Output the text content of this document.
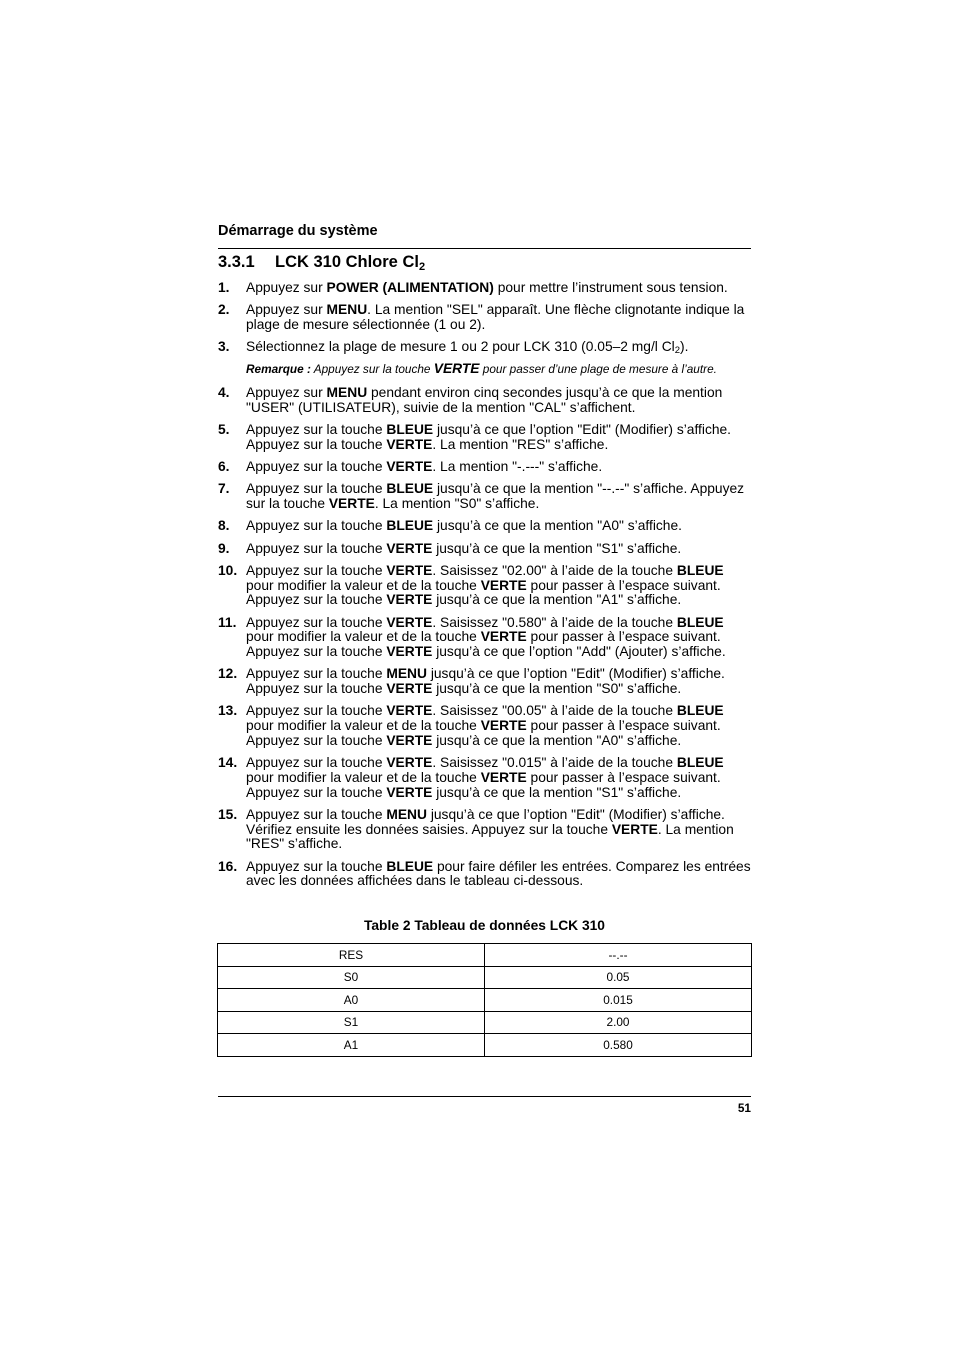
Démarrage du système
3.3.1 LCK 310 Chlore $Cl_2$
1.	Appuyez sur POWER (ALIMENTATION) pour mettre l’instrument sous tension.
2.	Appuyez sur MENU. La mention "SEL" apparaît. Une flèche clignotante indique la plage de mesure sélectionnée (1 ou 2).
3.	Sélectionnez la plage de mesure 1 ou 2 pour LCK 310 (0.05–2 mg/l $Cl_2$).
Remarque : Appuyez sur la touche VERTE pour passer d’une plage de mesure à l’autre.
4.	Appuyez sur MENU pendant environ cinq secondes jusqu’à ce que la mention "USER" (UTILISATEUR), suivie de la mention "CAL" s’affichent.
5.	Appuyez sur la touche BLEUE jusqu’à ce que l’option "Edit" (Modifier) s’affiche. Appuyez sur la touche VERTE. La mention "RES" s’affiche.
6.	Appuyez sur la touche VERTE. La mention "-.---" s’affiche.
7.	Appuyez sur la touche BLEUE jusqu’à ce que la mention "--.--" s’affiche. Appuyez sur la touche VERTE. La mention "S0" s’affiche.
8.	Appuyez sur la touche BLEUE jusqu’à ce que la mention "A0" s’affiche.
9.	Appuyez sur la touche VERTE jusqu’à ce que la mention "S1" s’affiche.
10. Appuyez sur la touche VERTE. Saisissez "02.00" à l’aide de la touche BLEUE pour modifier la valeur et de la touche VERTE pour passer à l’espace suivant. Appuyez sur la touche VERTE jusqu’à ce que la mention "A1" s’affiche.
11. Appuyez sur la touche VERTE. Saisissez "0.580" à l’aide de la touche BLEUE pour modifier la valeur et de la touche VERTE pour passer à l’espace suivant. Appuyez sur la touche VERTE jusqu’à ce que l’option "Add" (Ajouter) s’affiche.
12. Appuyez sur la touche MENU jusqu’à ce que l’option "Edit" (Modifier) s’affiche. Appuyez sur la touche VERTE jusqu’à ce que la mention "S0" s’affiche.
13. Appuyez sur la touche VERTE. Saisissez "00.05" à l’aide de la touche BLEUE pour modifier la valeur et de la touche VERTE pour passer à l’espace suivant. Appuyez sur la touche VERTE jusqu’à ce que la mention "A0" s’affiche.
14. Appuyez sur la touche VERTE. Saisissez "0.015" à l’aide de la touche BLEUE pour modifier la valeur et de la touche VERTE pour passer à l’espace suivant. Appuyez sur la touche VERTE jusqu’à ce que la mention "S1" s’affiche.
15. Appuyez sur la touche MENU jusqu’à ce que l’option "Edit" (Modifier) s’affiche. Vérifiez ensuite les données saisies. Appuyez sur la touche VERTE. La mention "RES" s’affiche.
16. Appuyez sur la touche BLEUE pour faire défiler les entrées. Comparez les entrées avec les données affichées dans le tableau ci-dessous.
Table 2 Tableau de données LCK 310
RES	--.--
S0	0.05
A0	0.015
S1	2.00
A1	0.580
51
